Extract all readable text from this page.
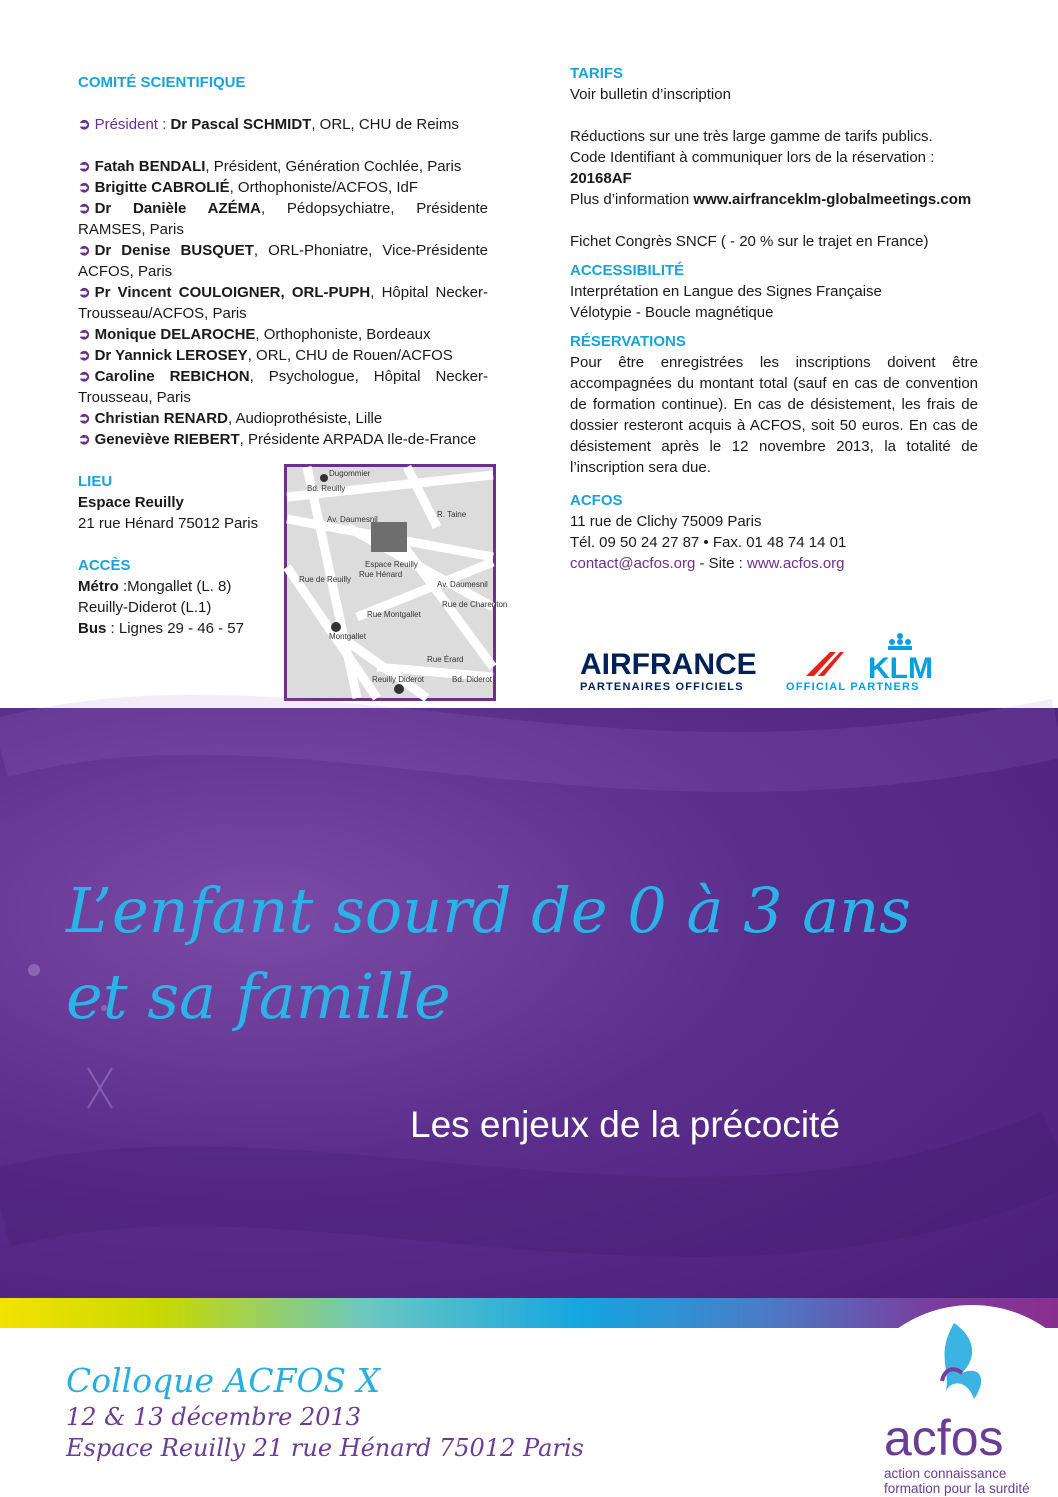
COMITÉ SCIENTIFIQUE
➲ Président : Dr Pascal SCHMIDT, ORL, CHU de Reims
➲ Fatah BENDALI, Président, Génération Cochlée, Paris
➲ Brigitte CABROLIÉ, Orthophoniste/ACFOS, IdF
➲ Dr Danièle AZÉMA, Pédopsychiatre, Présidente RAMSES, Paris
➲ Dr Denise BUSQUET, ORL-Phoniatre, Vice-Présidente ACFOS, Paris
➲ Pr Vincent COULOIGNER, ORL-PUPH, Hôpital Necker-Trousseau/ACFOS, Paris
➲ Monique DELAROCHE, Orthophoniste, Bordeaux
➲ Dr Yannick LEROSEY, ORL, CHU de Rouen/ACFOS
➲ Caroline REBICHON, Psychologue, Hôpital Necker-Trousseau, Paris
➲ Christian RENARD, Audioprothésiste, Lille
➲ Geneviève RIEBERT, Présidente ARPADA Ile-de-France
LIEU
Espace Reuilly
21 rue Hénard 75012 Paris
ACCÈS
Métro :Mongallet (L. 8)
Reuilly-Diderot (L.1)
Bus : Lignes 29 - 46 - 57
Dugommier
Bd. Reuilly
R. Taine
Av. Daumesnil
Rue Hénard
Espace Reuilly
Rue de Reuilly
Rue Montgallet
Av. Daumesnil
Rue de Charenton
Rue Érard
Montgallet
Reuilly Diderot	Bd. Diderot
TARIFS
Voir bulletin d’inscription
Réductions sur une très large gamme de tarifs publics.
Code Identifiant à communiquer lors de la réservation :
20168AF
Plus d’information www.airfranceklm-globalmeetings.com
Fichet Congrès SNCF ( - 20 % sur le trajet en France)
ACCESSIBILITÉ
Interprétation en Langue des Signes Française
Vélotypie - Boucle magnétique
RÉSERVATIONS
Pour être enregistrées les inscriptions doivent être accompagnées du montant total (sauf en cas de convention de formation continue). En cas de désistement, les frais de dossier resteront acquis à ACFOS, soit 50 euros. En cas de désistement après le 12 novembre 2013, la totalité de l’inscription sera due.
ACFOS
11 rue de Clichy 75009 Paris
Tél. 09 50 24 27 87 • Fax. 01 48 74 14 01
contact@acfos.org - Site : www.acfos.org
AIRFRANCE	KLM
PARTENAIRES OFFICIELS	OFFICIAL PARTNERS
L’enfant sourd de 0 à 3 ans
et sa famille
Les enjeux de la précocité
Colloque ACFOS X
12 & 13 décembre 2013
Espace Reuilly 21 rue Hénard 75012 Paris	acfos
action connaissance
formation pour la surdité
